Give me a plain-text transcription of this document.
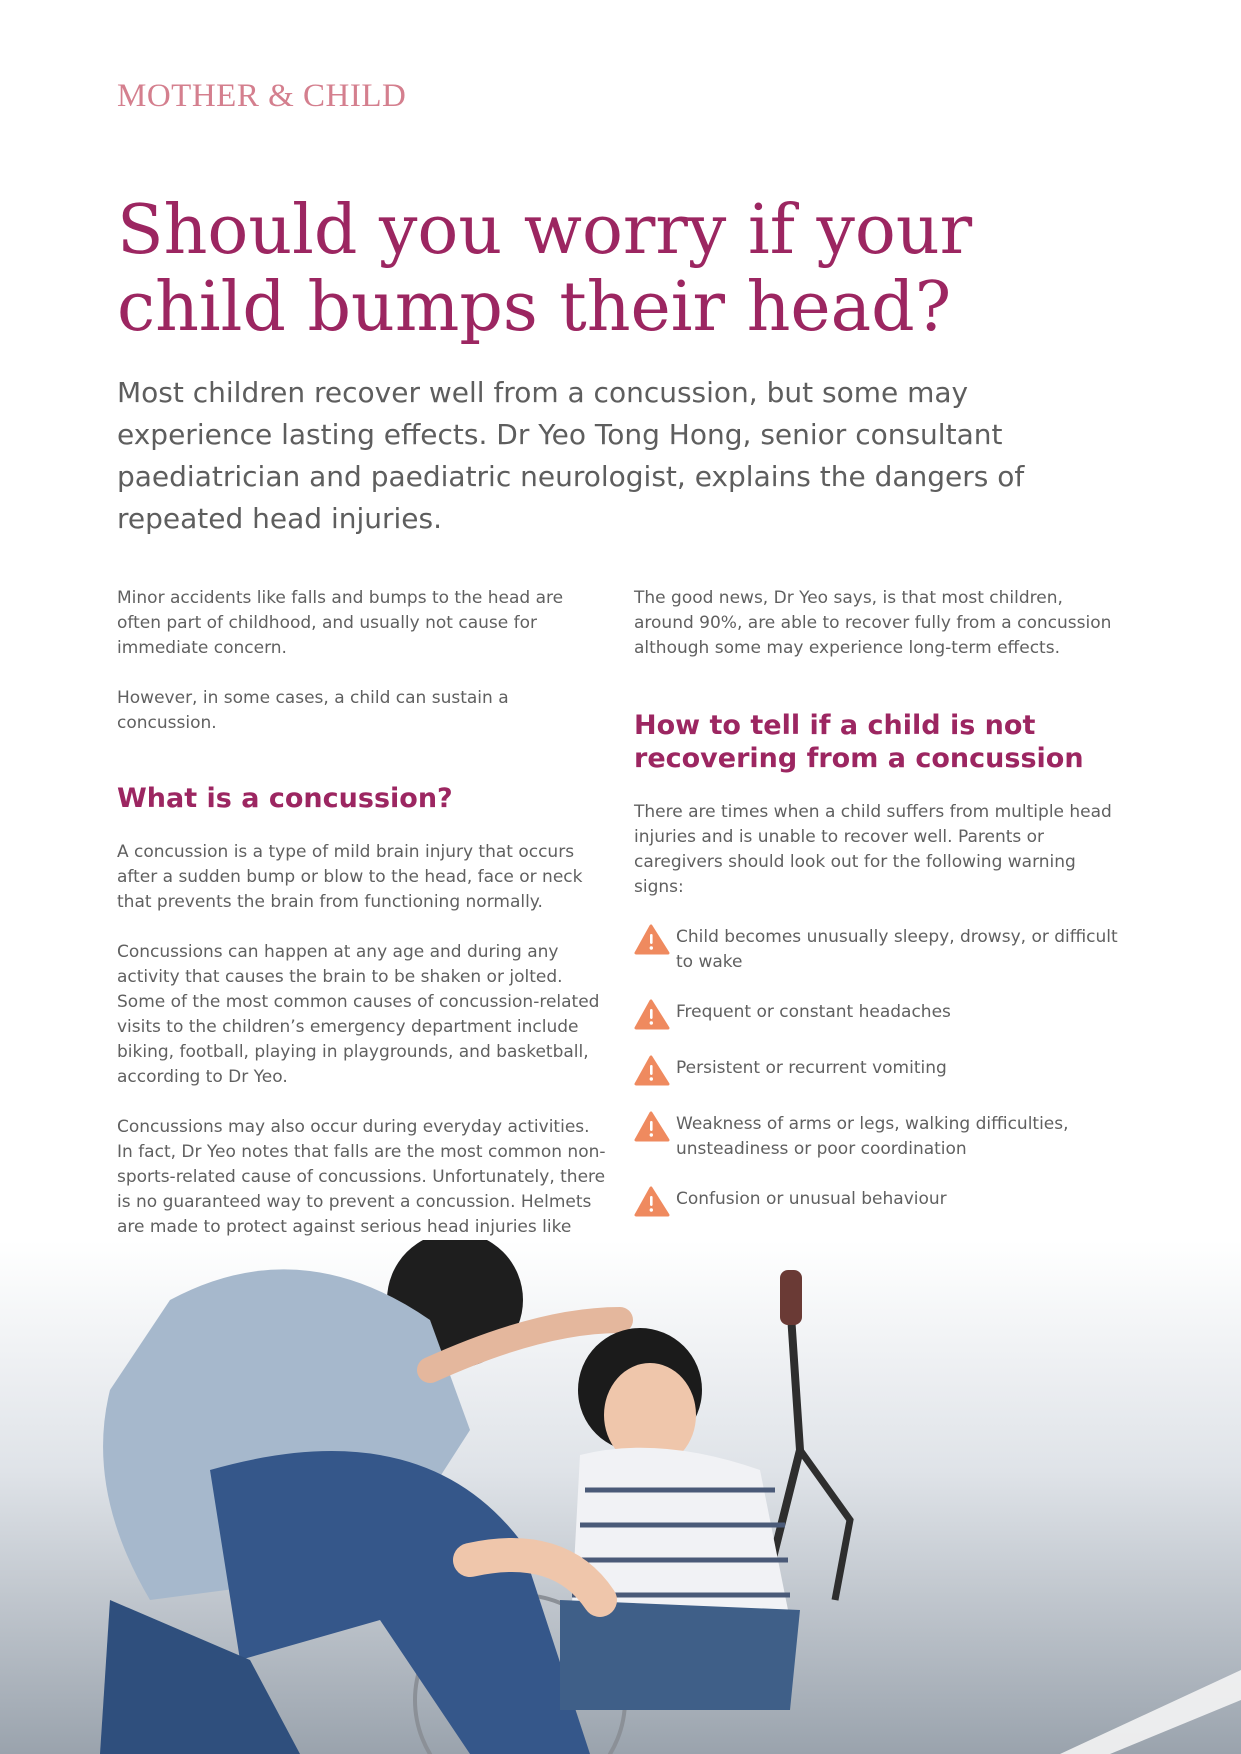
MOTHER & CHILD
Should you worry if your child bumps their head?

Most children recover well from a concussion, but some may experience lasting effects. Dr Yeo Tong Hong, senior consultant paediatrician and paediatric neurologist, explains the dangers of repeated head injuries.

Minor accidents like falls and bumps to the head are often part of childhood, and usually not cause for immediate concern.

However, in some cases, a child can sustain a concussion.

What is a concussion?

A concussion is a type of mild brain injury that occurs after a sudden bump or blow to the head, face or neck that prevents the brain from functioning normally.

Concussions can happen at any age and during any activity that causes the brain to be shaken or jolted. Some of the most common causes of concussion-related visits to the children’s emergency department include biking, football, playing in playgrounds, and basketball, according to Dr Yeo.

Concussions may also occur during everyday activities. In fact, Dr Yeo notes that falls are the most common non-sports-related cause of concussions. Unfortunately, there is no guaranteed way to prevent a concussion. Helmets are made to protect against serious head injuries like

The good news, Dr Yeo says, is that most children, around 90%, are able to recover fully from a concussion although some may experience long-term effects.

How to tell if a child is not recovering from a concussion

There are times when a child suffers from multiple head injuries and is unable to recover well. Parents or caregivers should look out for the following warning signs:

Child becomes unusually sleepy, drowsy, or difficult to wake
Frequent or constant headaches
Persistent or recurrent vomiting
Weakness of arms or legs, walking difficulties, unsteadiness or poor coordination
Confusion or unusual behaviour
